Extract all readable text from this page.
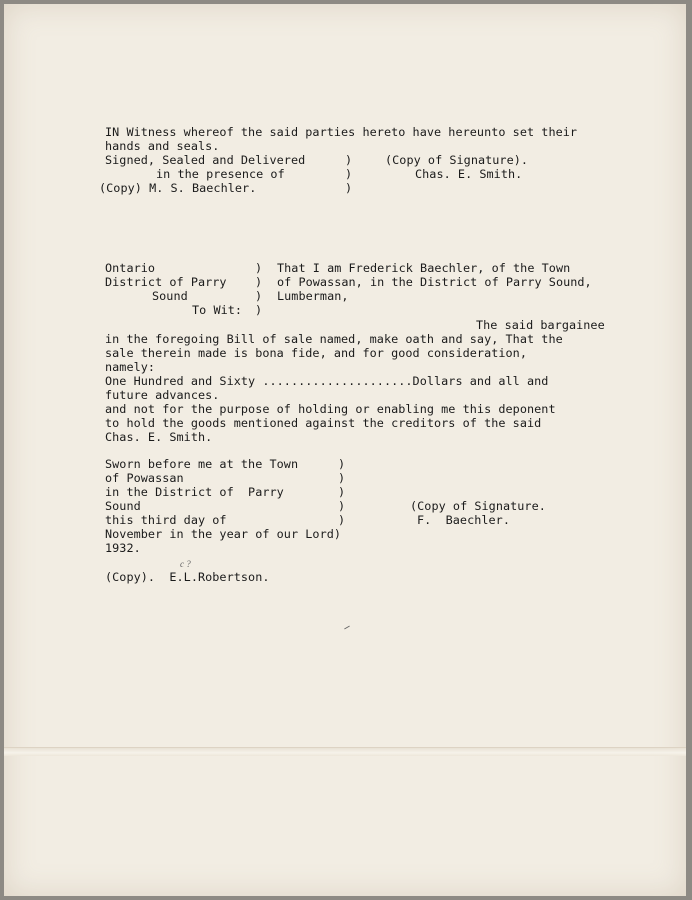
IN Witness whereof the said parties hereto have hereunto set their
hands and seals.
Signed, Sealed and Delivered
in the presence of
(Copy) M. S. Baechler.
)
)
)
(Copy of Signature).
Chas. E. Smith.
Ontario
District of Parry
Sound
To Wit:
)
)
)
)
That I am Frederick Baechler, of the Town
of Powassan, in the District of Parry Sound,
Lumberman,
The said bargainee
in the foregoing Bill of sale named, make oath and say, That the
sale therein made is bona fide, and for good consideration,
namely:
One Hundred and Sixty .....................Dollars and all and
future advances.
and not for the purpose of holding or enabling me this deponent
to hold the goods mentioned against the creditors of the said
Chas. E. Smith.
Sworn before me at the Town
of Powassan
in the District of  Parry
Sound
this third day of
November in the year of our Lord)
1932.
)
)
)
)
)
(Copy of Signature.
F.  Baechler.
c ?
(Copy).  E.L.Robertson.
